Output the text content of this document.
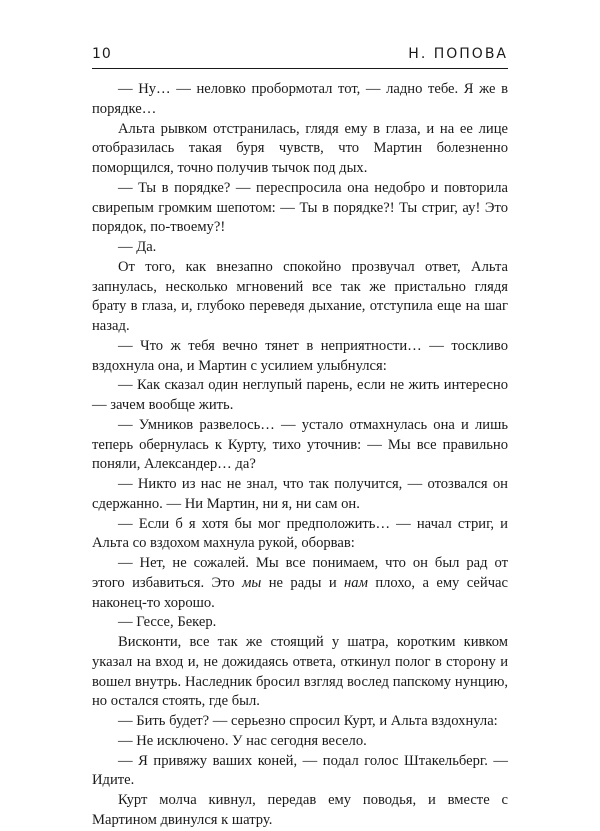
10	Н. ПОПОВА

— Ну… — неловко пробормотал тот, — ладно тебе. Я же в порядке…

Альта рывком отстранилась, глядя ему в глаза, и на ее лице отобразилась такая буря чувств, что Мартин болезненно поморщился, точно получив тычок под дых.

— Ты в порядке? — переспросила она недобро и повторила свирепым громким шепотом: — Ты в порядке?! Ты стриг, ау! Это порядок, по-твоему?!

— Да.

От того, как внезапно спокойно прозвучал ответ, Альта запнулась, несколько мгновений все так же пристально глядя брату в глаза, и, глубоко переведя дыхание, отступила еще на шаг назад.

— Что ж тебя вечно тянет в неприятности… — тоскливо вздохнула она, и Мартин с усилием улыбнулся:

— Как сказал один неглупый парень, если не жить интересно — зачем вообще жить.

— Умников развелось… — устало отмахнулась она и лишь теперь обернулась к Курту, тихо уточнив: — Мы все правильно поняли, Александер… да?

— Никто из нас не знал, что так получится, — отозвался он сдержанно. — Ни Мартин, ни я, ни сам он.

— Если б я хотя бы мог предположить… — начал стриг, и Альта со вздохом махнула рукой, оборвав:

— Нет, не сожалей. Мы все понимаем, что он был рад от этого избавиться. Это мы не рады и нам плохо, а ему сейчас наконец-то хорошо.

— Гессе, Бекер.

Висконти, все так же стоящий у шатра, коротким кивком указал на вход и, не дожидаясь ответа, откинул полог в сторону и вошел внутрь. Наследник бросил взгляд вослед папскому нунцию, но остался стоять, где был.

— Бить будет? — серьезно спросил Курт, и Альта вздохнула:

— Не исключено. У нас сегодня весело.

— Я привяжу ваших коней, — подал голос Штакельберг. — Идите.

Курт молча кивнул, передав ему поводья, и вместе с Мартином двинулся к шатру.
